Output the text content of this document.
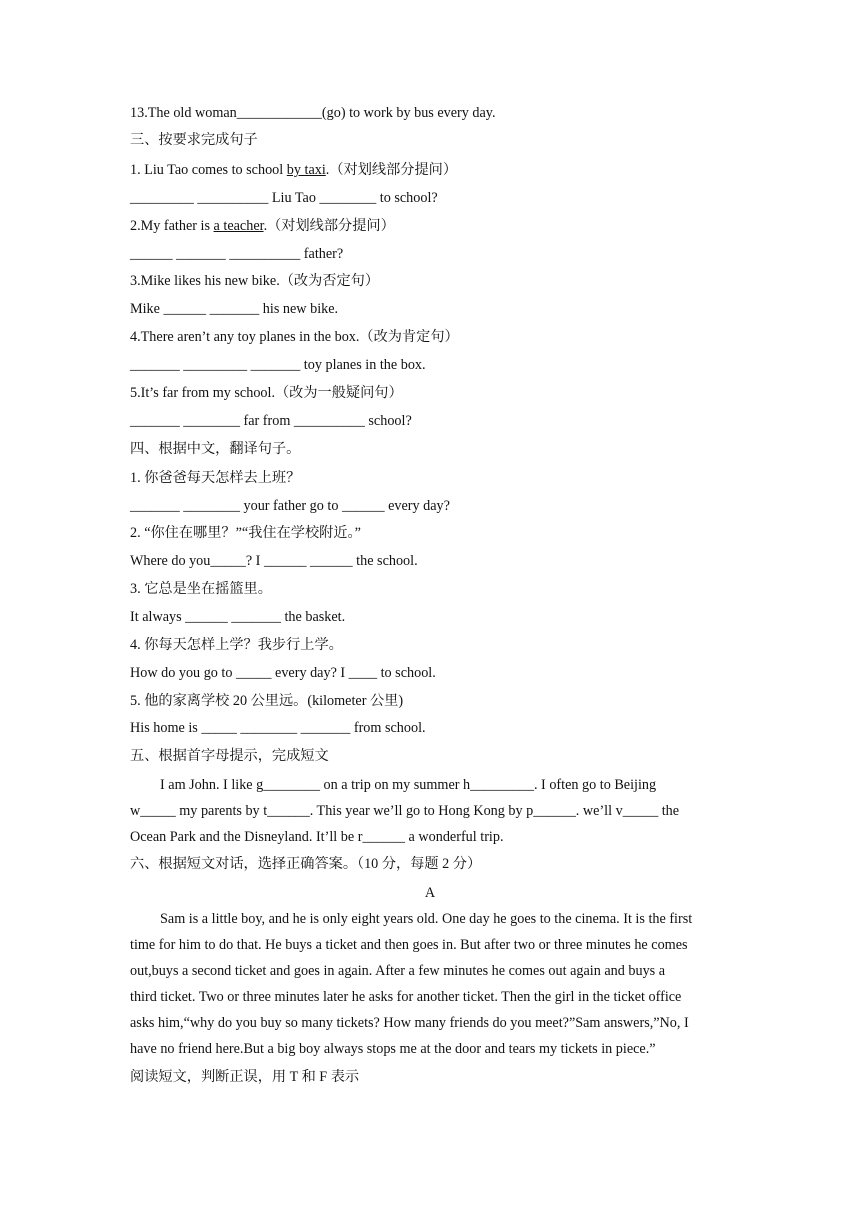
13.The old woman____________(go) to work by bus every day.
三、按要求完成句子
1. Liu Tao comes to school by taxi.（对划线部分提问）
_________ __________ Liu Tao ________ to school?
2.My father is a teacher.（对划线部分提问）
______ _______ __________ father?
3.Mike likes his new bike.（改为否定句）
Mike ______ _______ his new bike.
4.There aren’t any toy planes in the box.（改为肯定句）
_______ _________ _______ toy planes in the box.
5.It’s far from my school.（改为一般疑问句）
_______ ________ far from __________ school?
四、根据中文，翻译句子。
1. 你爸爸每天怎样去上班？
_______ ________ your father go to ______ every day?
2. “你住在哪里？”“我住在学校附近。”
Where do you_____? I ______ ______ the school.
3. 它总是坐在摇篮里。
It always ______ _______ the basket.
4. 你每天怎样上学？我步行上学。
How do you go to _____ every day? I ____ to school.
5. 他的家离学校 20 公里远。(kilometer 公里)
His home is _____ ________ _______ from school.
五、根据首字母提示，完成短文
I am John. I like g________ on a trip on my summer h_________. I often go to Beijing
w_____ my parents by t______. This year we’ll go to Hong Kong by p______. we’ll v_____ the
Ocean Park and the Disneyland. It’ll be r______ a wonderful trip.
六、根据短文对话，选择正确答案。（10 分，每题 2 分）
A
Sam is a little boy, and he is only eight years old. One day he goes to the cinema. It is the first
time for him to do that. He buys a ticket and then goes in. But after two or three minutes he comes
out,buys a second ticket and goes in again. After a few minutes he comes out again and buys a
third ticket. Two or three minutes later he asks for another ticket. Then the girl in the ticket office
asks him,“why do you buy so many tickets? How many friends do you meet?”Sam answers,”No, I
have no friend here.But a big boy always stops me at the door and tears my tickets in piece.”
阅读短文，判断正误，用 T 和 F 表示
